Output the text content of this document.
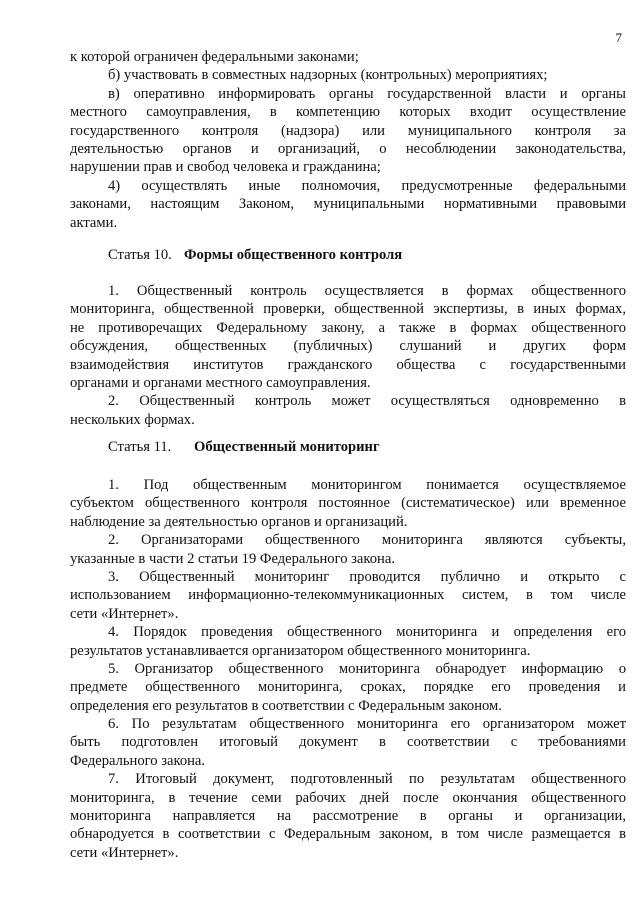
7
к которой ограничен федеральными законами;
б) участвовать в совместных надзорных (контрольных) мероприятиях;
в) оперативно информировать органы государственной власти и органы
местного самоуправления, в компетенцию которых входит осуществление
государственного контроля (надзора) или муниципального контроля за
деятельностью органов и организаций, о несоблюдении законодательства,
нарушении прав и свобод человека и гражданина;
4) осуществлять иные полномочия, предусмотренные федеральными
законами, настоящим Законом, муниципальными нормативными правовыми
актами.
Статья 10. Формы общественного контроля
1. Общественный контроль осуществляется в формах общественного
мониторинга, общественной проверки, общественной экспертизы, в иных формах,
не противоречащих Федеральному закону, а также в формах общественного
обсуждения, общественных (публичных) слушаний и других форм
взаимодействия институтов гражданского общества с государственными
органами и органами местного самоуправления.
2. Общественный контроль может осуществляться одновременно в
нескольких формах.
Статья 11. Общественный мониторинг
1. Под общественным мониторингом понимается осуществляемое
субъектом общественного контроля постоянное (систематическое) или временное
наблюдение за деятельностью органов и организаций.
2. Организаторами общественного мониторинга являются субъекты,
указанные в части 2 статьи 19 Федерального закона.
3. Общественный мониторинг проводится публично и открыто с
использованием информационно-телекоммуникационных систем, в том числе
сети «Интернет».
4. Порядок проведения общественного мониторинга и определения его
результатов устанавливается организатором общественного мониторинга.
5. Организатор общественного мониторинга обнародует информацию о
предмете общественного мониторинга, сроках, порядке его проведения и
определения его результатов в соответствии с Федеральным законом.
6. По результатам общественного мониторинга его организатором может
быть подготовлен итоговый документ в соответствии с требованиями
Федерального закона.
7. Итоговый документ, подготовленный по результатам общественного
мониторинга, в течение семи рабочих дней после окончания общественного
мониторинга направляется на рассмотрение в органы и организации,
обнародуется в соответствии с Федеральным законом, в том числе размещается в
сети «Интернет».
